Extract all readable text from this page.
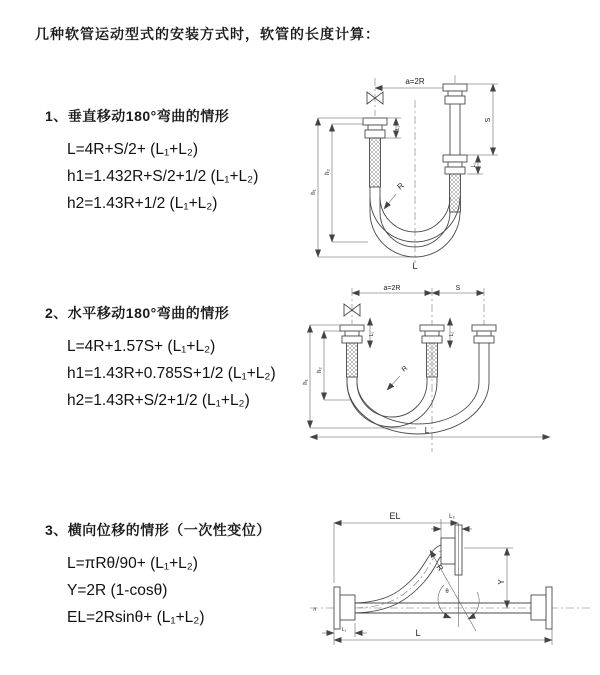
几种软管运动型式的安装方式时，软管的长度计算：
1、垂直移动180°弯曲的情形
L=4R+S/2+ (L₁+L₂)
h1=1.432R+S/2+1/2 (L₁+L₂)
h2=1.43R+1/2 (L₁+L₂)
2、水平移动180°弯曲的情形
L=4R+1.57S+ (L₁+L₂)
h1=1.43R+0.785S+1/2 (L₁+L₂)
h2=1.43R+S/2+1/2 (L₁+L₂)
3、横向位移的情形（一次性变位）
L=πRθ/90+ (L₁+L₂)
Y=2R (1-cosθ)
EL=2Rsinθ+ (L₁+L₂)
a=2R
h₁
h₂
S
L₂
L₁
R
L
a=2R	S
h₁
h₂
L₁	L₂
R
L
≈
EL	L₂
Y
R
θ
L
L₁
